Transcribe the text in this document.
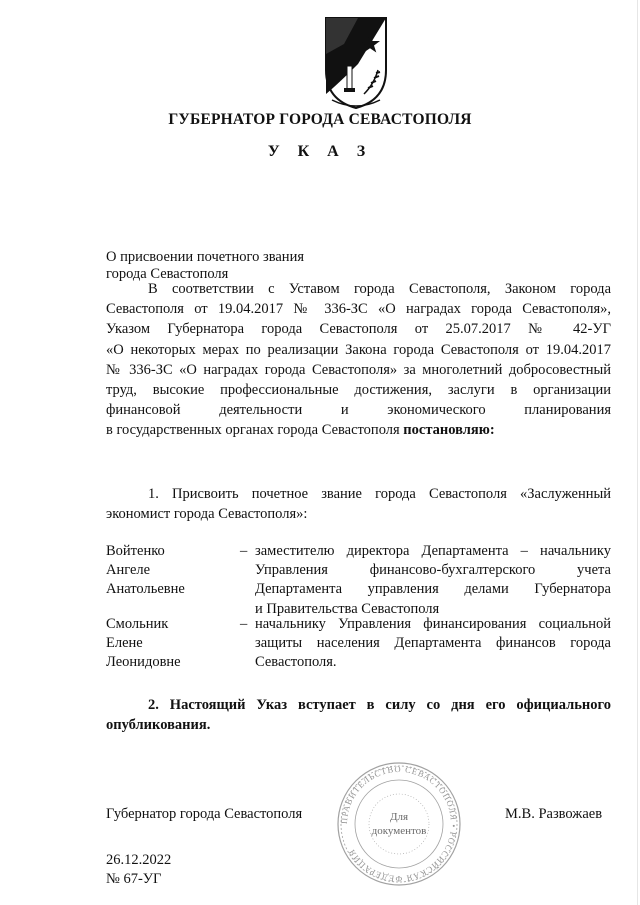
ГУБЕРНАТОР ГОРОДА СЕВАСТОПОЛЯ
У К А З
О присвоении почетного звания
города Севастополя
В соответствии с Уставом города Севастополя, Законом города
Севастополя от 19.04.2017 № 336-ЗС «О наградах города Севастополя»,
Указом Губернатора города Севастополя от 25.07.2017 № 42-УГ
«О некоторых мерах по реализации Закона города Севастополя от 19.04.2017
№ 336-ЗС «О наградах города Севастополя» за многолетний добросовестный
труд, высокие профессиональные достижения, заслуги в организации
финансовой деятельности и экономического планирования
в государственных органах города Севастополя постановляю:
1. Присвоить почетное звание города Севастополя «Заслуженный
экономист города Севастополя»:
Войтенко
Ангеле
Анатольевне
– заместителю директора Департамента – начальнику
Управления финансово-бухгалтерского учета
Департамента управления делами Губернатора
и Правительства Севастополя
Смольник
Елене
Леонидовне
– начальнику Управления финансирования социальной
защиты населения Департамента финансов города
Севастополя.
2. Настоящий Указ вступает в силу со дня его официального
опубликования.
ПРАВИТЕЛЬСТВО СЕВАСТОПОЛЯ • РОССИЙСКАЯ ФЕДЕРАЦИЯ
Для
документов
Губернатор города Севастополя	М.В. Развожаев
26.12.2022
№ 67-УГ
